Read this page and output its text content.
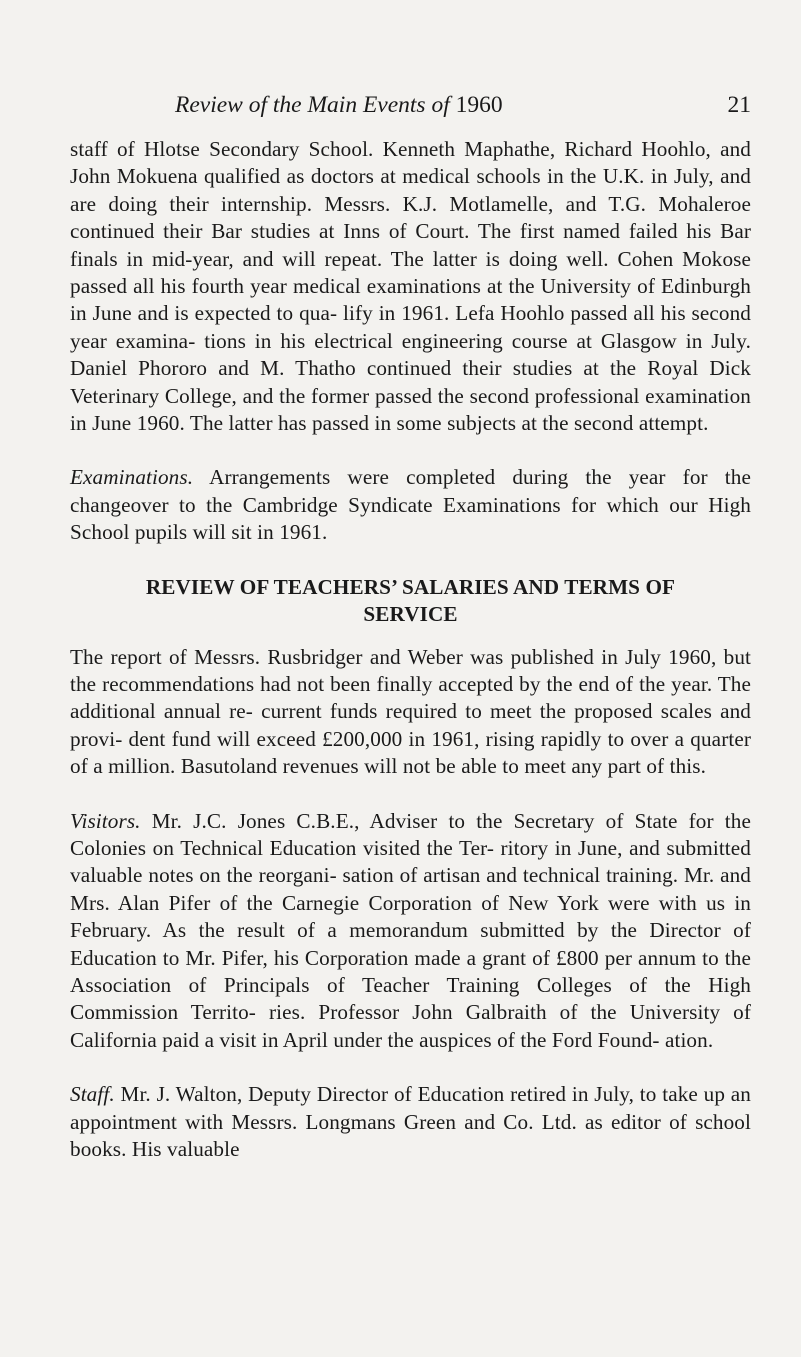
Review of the Main Events of 1960	21

staff of Hlotse Secondary School. Kenneth Maphathe, Richard Hoohlo, and John Mokuena qualified as doctors at medical schools in the U.K. in July, and are doing their internship. Messrs. K.J. Motlamelle, and T.G. Mohaleroe continued their Bar studies at Inns of Court. The first named failed his Bar finals in mid-year, and will repeat. The latter is doing well. Cohen Mokose passed all his fourth year medical examinations at the University of Edinburgh in June and is expected to qua- lify in 1961. Lefa Hoohlo passed all his second year examina- tions in his electrical engineering course at Glasgow in July. Daniel Phororo and M. Thatho continued their studies at the Royal Dick Veterinary College, and the former passed the second professional examination in June 1960. The latter has passed in some subjects at the second attempt.

Examinations. Arrangements were completed during the year for the changeover to the Cambridge Syndicate Examinations for which our High School pupils will sit in 1961.

REVIEW OF TEACHERS’ SALARIES AND TERMS OF
SERVICE

The report of Messrs. Rusbridger and Weber was published in July 1960, but the recommendations had not been finally accepted by the end of the year. The additional annual re- current funds required to meet the proposed scales and provi- dent fund will exceed £200,000 in 1961, rising rapidly to over a quarter of a million. Basutoland revenues will not be able to meet any part of this.

Visitors. Mr. J.C. Jones C.B.E., Adviser to the Secretary of State for the Colonies on Technical Education visited the Ter- ritory in June, and submitted valuable notes on the reorgani- sation of artisan and technical training. Mr. and Mrs. Alan Pifer of the Carnegie Corporation of New York were with us in February. As the result of a memorandum submitted by the Director of Education to Mr. Pifer, his Corporation made a grant of £800 per annum to the Association of Principals of Teacher Training Colleges of the High Commission Territo- ries. Professor John Galbraith of the University of California paid a visit in April under the auspices of the Ford Found- ation.

Staff. Mr. J. Walton, Deputy Director of Education retired in July, to take up an appointment with Messrs. Longmans Green and Co. Ltd. as editor of school books. His valuable
